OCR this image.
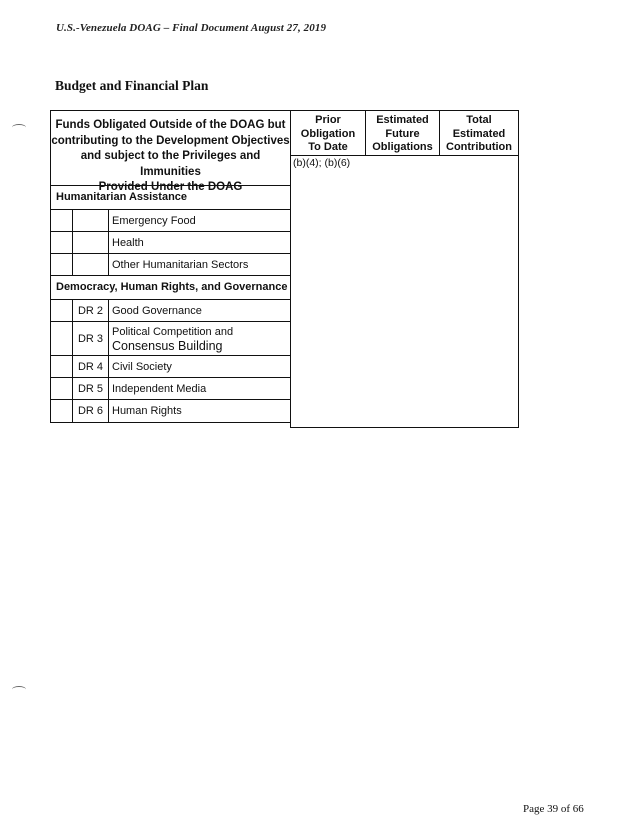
U.S.-Venezuela DOAG – Final Document August 27, 2019
Budget and Financial Plan
Funds Obligated Outside of the DOAG but
contributing to the Development Objectives
and subject to the Privileges and Immunities
Provided Under the DOAG
Humanitarian Assistance
Emergency Food
Health
Other Humanitarian Sectors
Democracy, Human Rights, and Governance
DR 2 Good Governance
DR 3
Political Competition and
Consensus Building
DR 4 Civil Society
DR 5 Independent Media
DR 6 Human Rights
Prior
Obligation
To Date
Estimated
Future
Obligations
Total
Estimated
Contribution
(b)(4); (b)(6)
Page 39 of 66
